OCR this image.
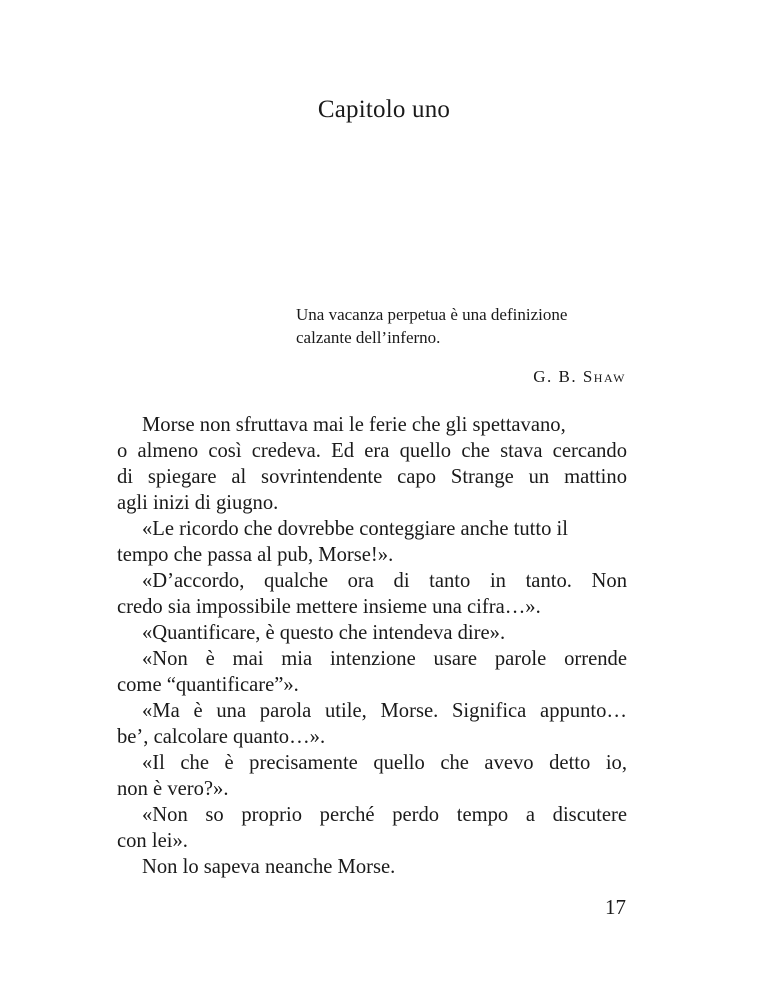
Capitolo uno
Una vacanza perpetua è una definizione
calzante dell’inferno.
G. B. Shaw
Morse non sfruttava mai le ferie che gli spettavano,
o almeno così credeva. Ed era quello che stava cercando
di spiegare al sovrintendente capo Strange un mattino
agli inizi di giugno.
«Le ricordo che dovrebbe conteggiare anche tutto il
tempo che passa al pub, Morse!».
«D’accordo, qualche ora di tanto in tanto. Non
credo sia impossibile mettere insieme una cifra…».
«Quantificare, è questo che intendeva dire».
«Non è mai mia intenzione usare parole orrende
come “quantificare”».
«Ma è una parola utile, Morse. Significa appunto…
be’, calcolare quanto…».
«Il che è precisamente quello che avevo detto io,
non è vero?».
«Non so proprio perché perdo tempo a discutere
con lei».
Non lo sapeva neanche Morse.
17
